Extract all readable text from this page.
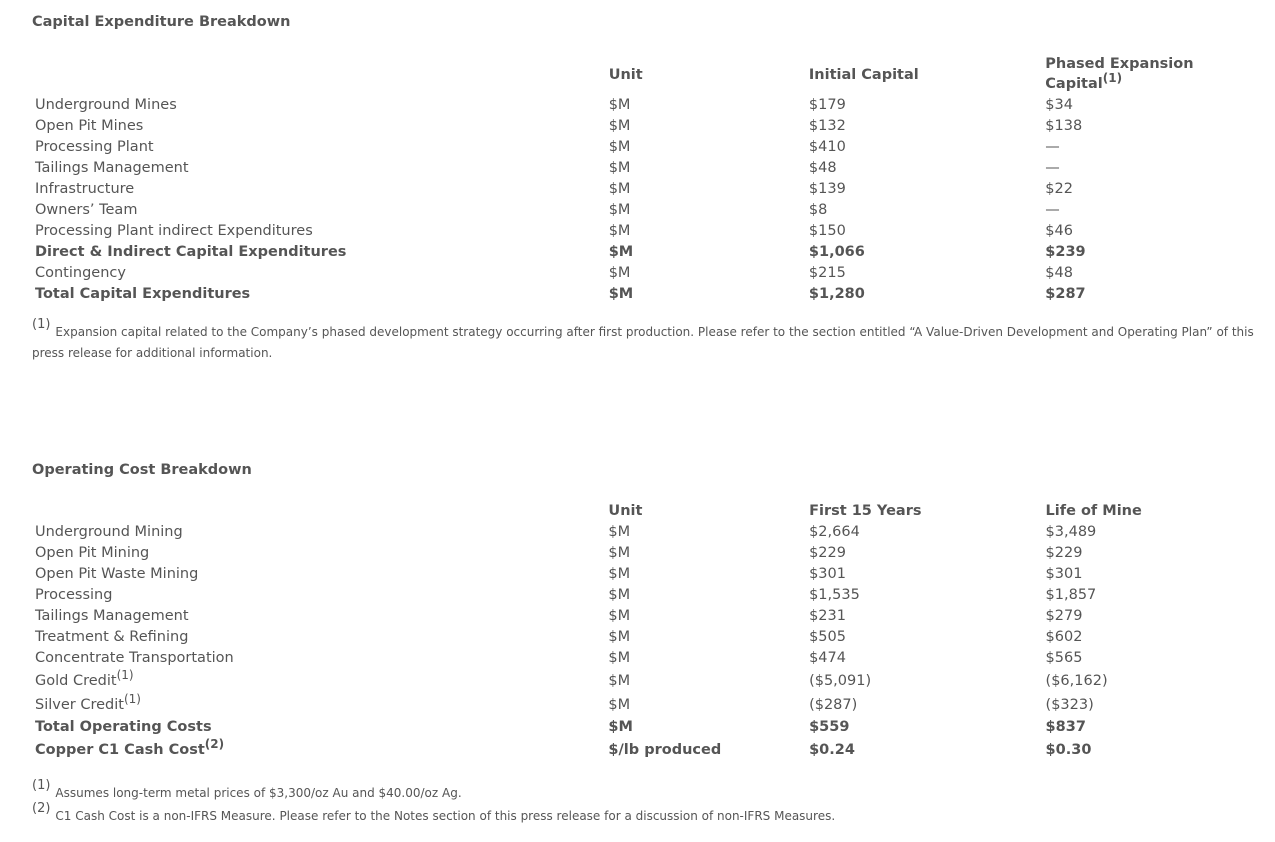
Capital Expenditure Breakdown
	Unit	Initial Capital	Phased Expansion Capital$^{(1)}$
Underground Mines	$M	$179	$34
Open Pit Mines	$M	$132	$138
Processing Plant	$M	$410	—
Tailings Management	$M	$48	—
Infrastructure	$M	$139	$22
Owners’ Team	$M	$8	—
Processing Plant indirect Expenditures	$M	$150	$46
Direct & Indirect Capital Expenditures	$M	$1,066	$239
Contingency	$M	$215	$48
Total Capital Expenditures	$M	$1,280	$287
(1) Expansion capital related to the Company’s phased development strategy occurring after first production. Please refer to the section entitled “A Value-Driven Development and Operating Plan” of this press release for additional information.
Operating Cost Breakdown
	Unit	First 15 Years	Life of Mine
Underground Mining	$M	$2,664	$3,489
Open Pit Mining	$M	$229	$229
Open Pit Waste Mining	$M	$301	$301
Processing	$M	$1,535	$1,857
Tailings Management	$M	$231	$279
Treatment & Refining	$M	$505	$602
Concentrate Transportation	$M	$474	$565
Gold Credit$^{(1)}$	$M	($5,091)	($6,162)
Silver Credit$^{(1)}$	$M	($287)	($323)
Total Operating Costs	$M	$559	$837
Copper C1 Cash Cost$^{(2)}$	$/lb produced	$0.24	$0.30
(1) Assumes long-term metal prices of $3,300/oz Au and $40.00/oz Ag.
(2) C1 Cash Cost is a non-IFRS Measure. Please refer to the Notes section of this press release for a discussion of non-IFRS Measures.
